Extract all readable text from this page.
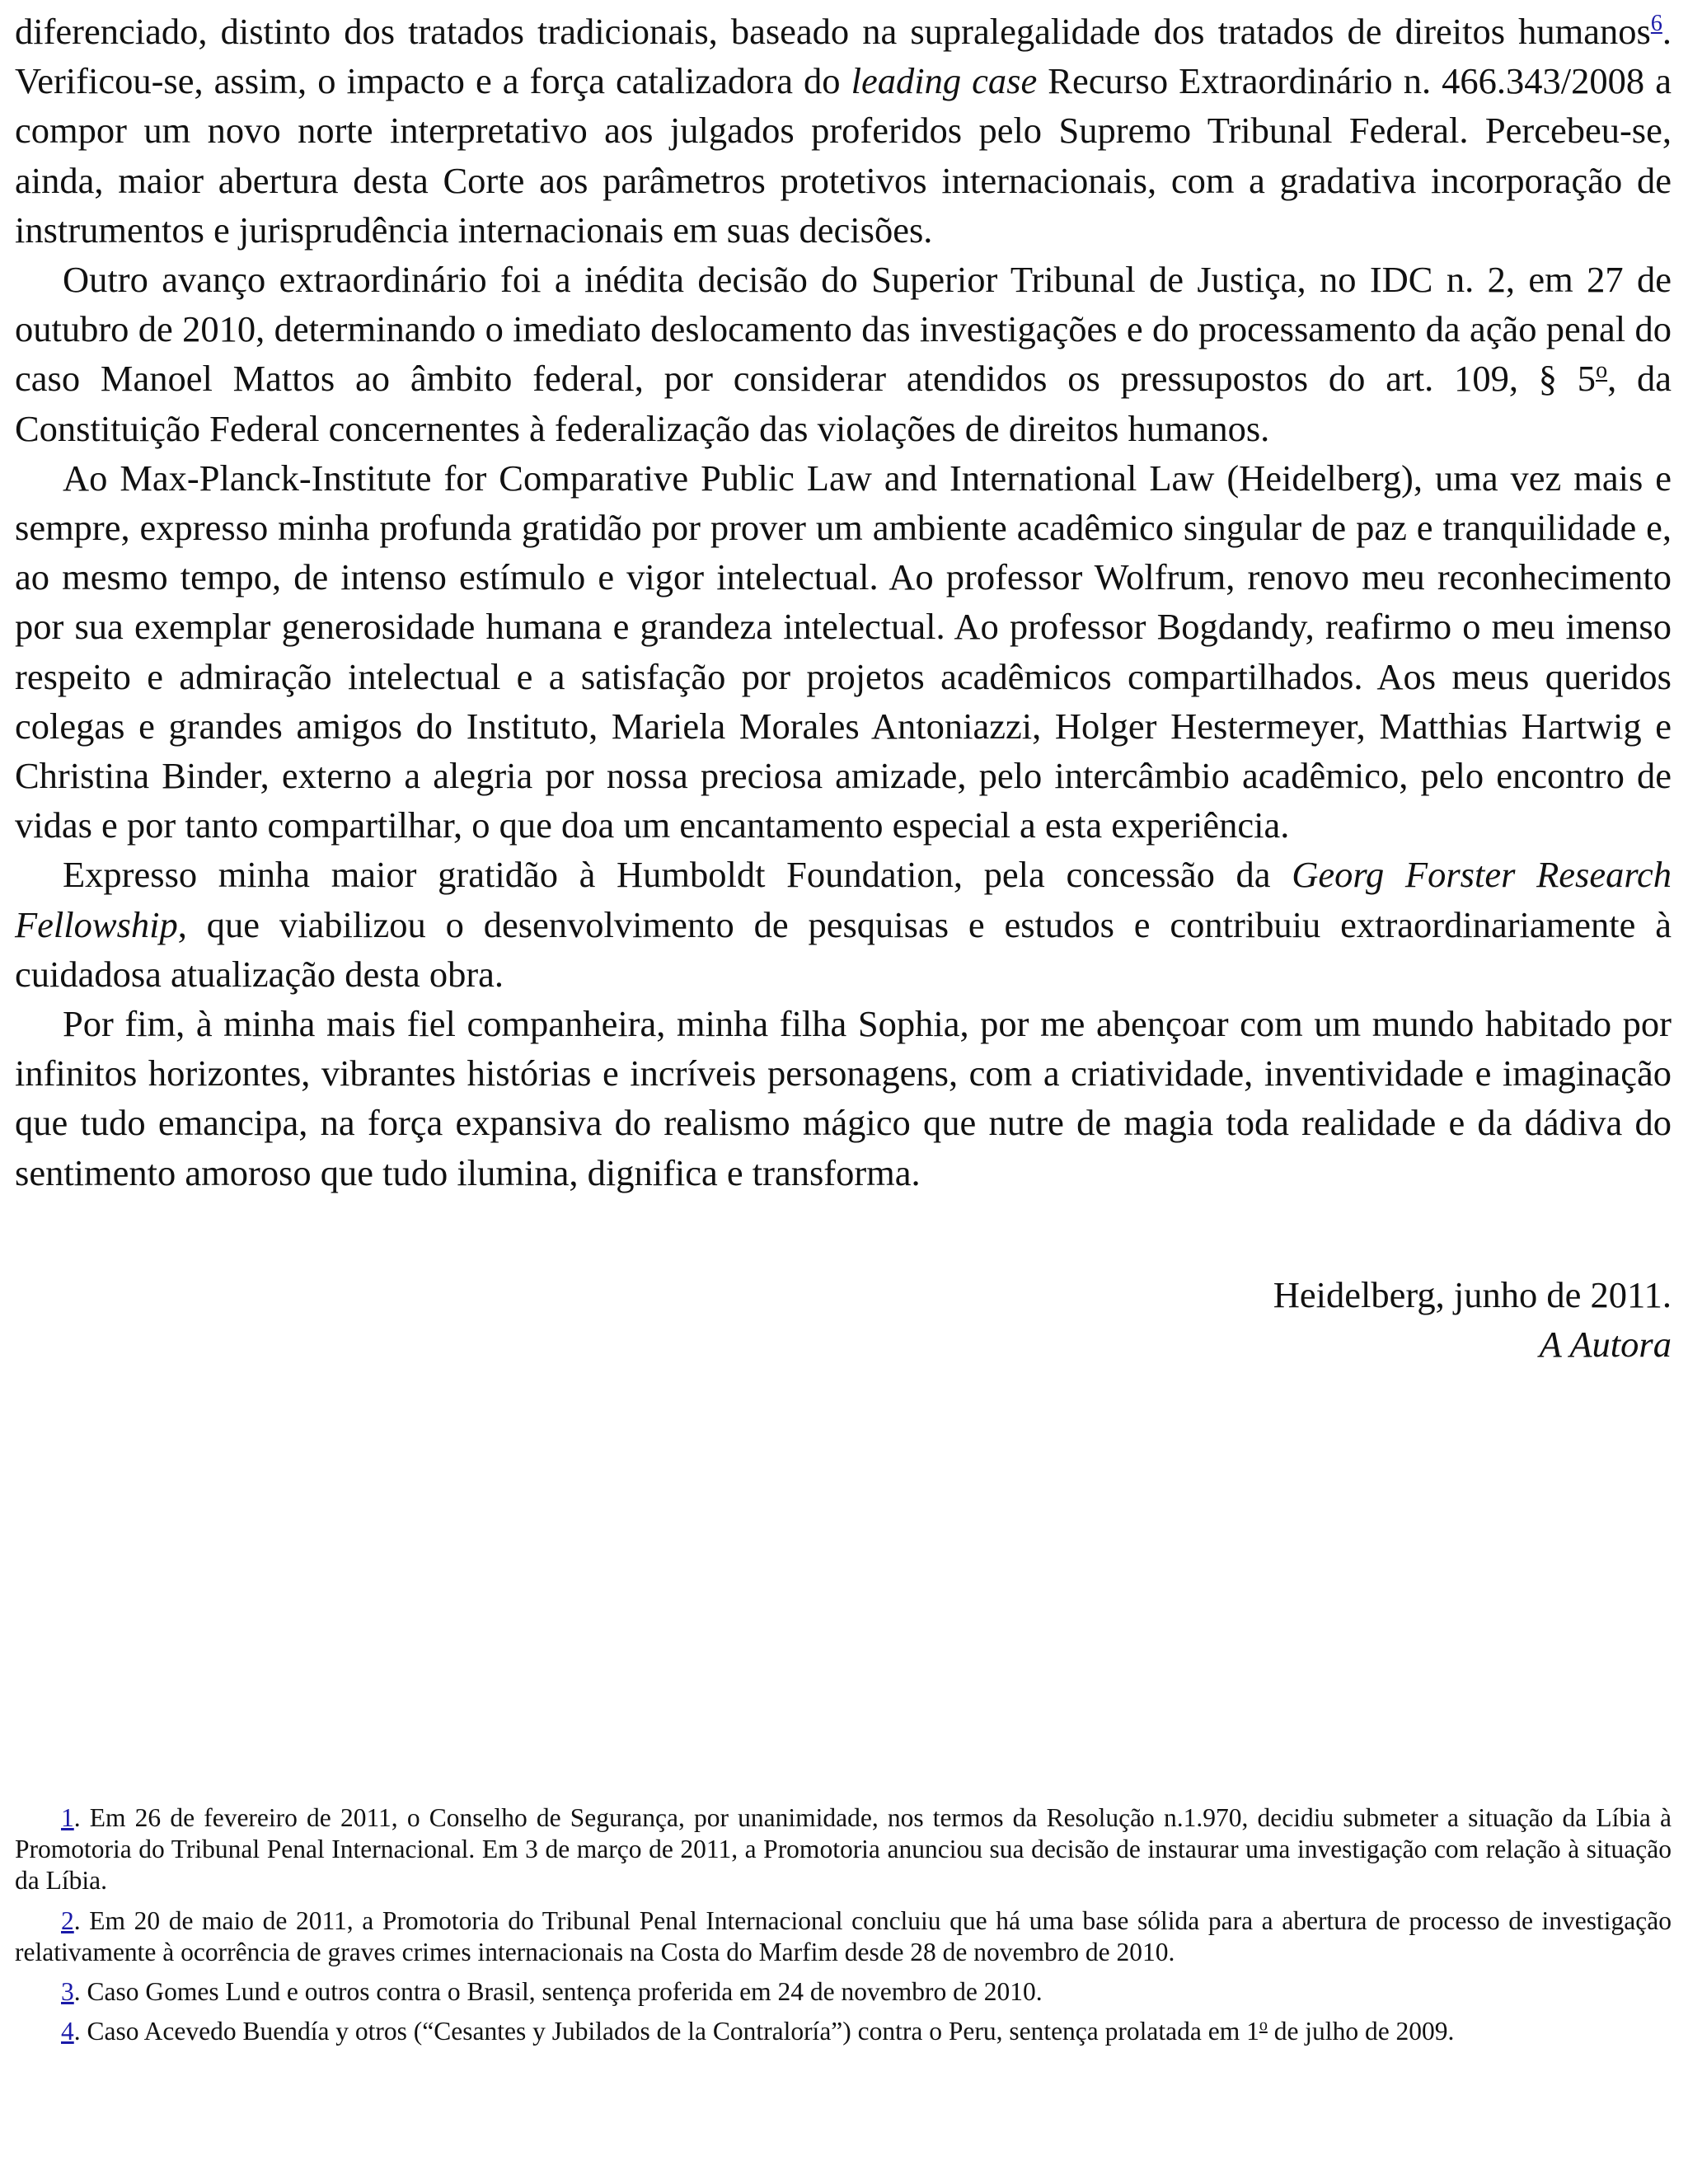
diferenciado, distinto dos tratados tradicionais, baseado na supralegalidade dos tratados de direitos humanos$^6$. Verificou-se, assim, o impacto e a força catalizadora do leading case Recurso Extraordinário n. 466.343/2008 a compor um novo norte interpretativo aos julgados proferidos pelo Supremo Tribunal Federal. Percebeu-se, ainda, maior abertura desta Corte aos parâmetros protetivos internacionais, com a gradativa incorporação de instrumentos e jurisprudência internacionais em suas decisões.

Outro avanço extraordinário foi a inédita decisão do Superior Tribunal de Justiça, no IDC n. 2, em 27 de outubro de 2010, determinando o imediato deslocamento das investigações e do processamento da ação penal do caso Manoel Mattos ao âmbito federal, por considerar atendidos os pressupostos do art. 109, § 5$^o$, da Constituição Federal concernentes à federalização das violações de direitos humanos.

Ao Max-Planck-Institute for Comparative Public Law and International Law (Heidelberg), uma vez mais e sempre, expresso minha profunda gratidão por prover um ambiente acadêmico singular de paz e tranquilidade e, ao mesmo tempo, de intenso estímulo e vigor intelectual. Ao professor Wolfrum, renovo meu reconhecimento por sua exemplar generosidade humana e grandeza intelectual. Ao professor Bogdandy, reafirmo o meu imenso respeito e admiração intelectual e a satisfação por projetos acadêmicos compartilhados. Aos meus queridos colegas e grandes amigos do Instituto, Mariela Morales Antoniazzi, Holger Hestermeyer, Matthias Hartwig e Christina Binder, externo a alegria por nossa preciosa amizade, pelo intercâmbio acadêmico, pelo encontro de vidas e por tanto compartilhar, o que doa um encantamento especial a esta experiência.

Expresso minha maior gratidão à Humboldt Foundation, pela concessão da Georg Forster Research Fellowship, que viabilizou o desenvolvimento de pesquisas e estudos e contribuiu extraordinariamente à cuidadosa atualização desta obra.

Por fim, à minha mais fiel companheira, minha filha Sophia, por me abençoar com um mundo habitado por infinitos horizontes, vibrantes histórias e incríveis personagens, com a criatividade, inventividade e imaginação que tudo emancipa, na força expansiva do realismo mágico que nutre de magia toda realidade e da dádiva do sentimento amoroso que tudo ilumina, dignifica e transforma.

Heidelberg, junho de 2011.
A Autora

1. Em 26 de fevereiro de 2011, o Conselho de Segurança, por unanimidade, nos termos da Resolução n.1.970, decidiu submeter a situação da Líbia à Promotoria do Tribunal Penal Internacional. Em 3 de março de 2011, a Promotoria anunciou sua decisão de instaurar uma investigação com relação à situação da Líbia.

2. Em 20 de maio de 2011, a Promotoria do Tribunal Penal Internacional concluiu que há uma base sólida para a abertura de processo de investigação relativamente à ocorrência de graves crimes internacionais na Costa do Marfim desde 28 de novembro de 2010.

3. Caso Gomes Lund e outros contra o Brasil, sentença proferida em 24 de novembro de 2010.

4. Caso Acevedo Buendía y otros (“Cesantes y Jubilados de la Contraloría”) contra o Peru, sentença prolatada em 1$^o$ de julho de 2009.
